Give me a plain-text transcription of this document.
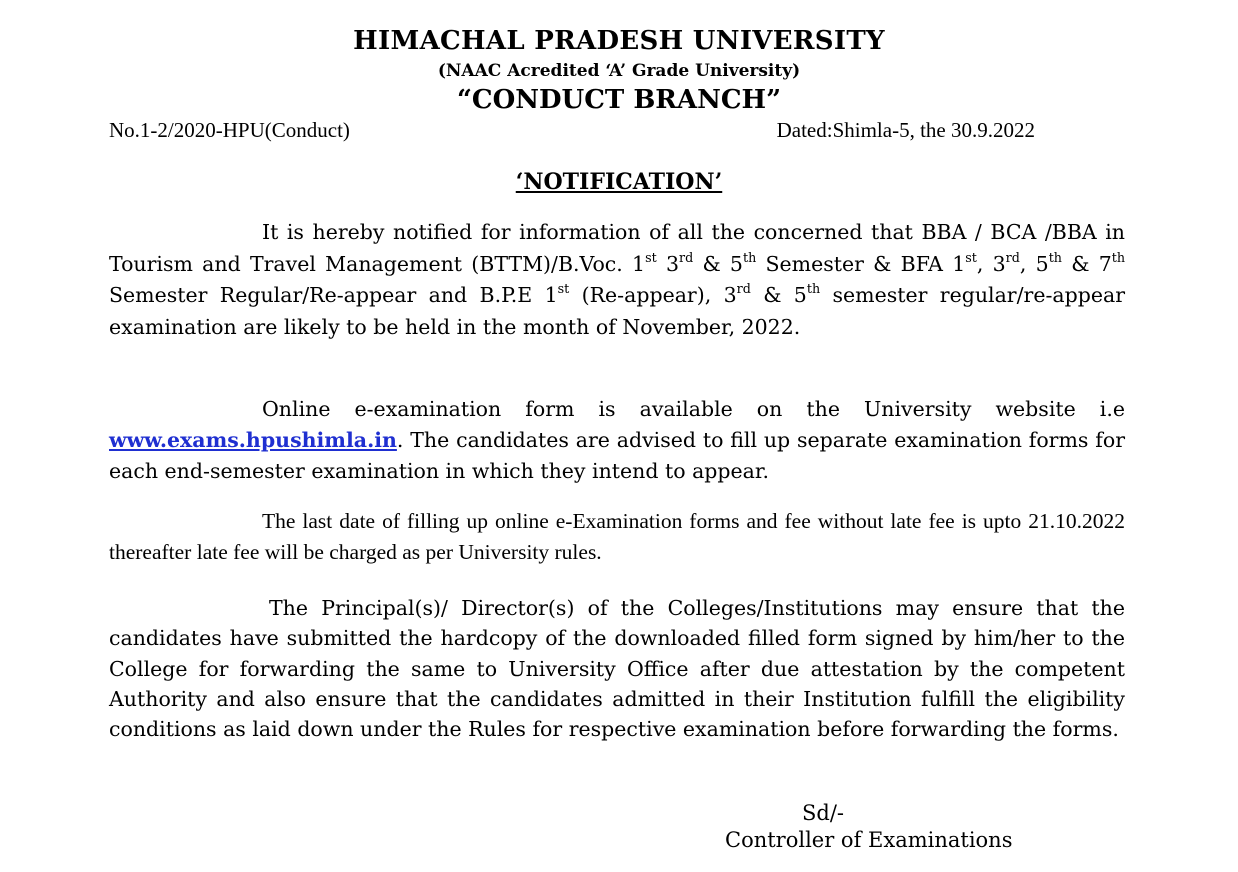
HIMACHAL PRADESH UNIVERSITY
(NAAC Acredited ‘A’ Grade University)
“CONDUCT BRANCH”
No.1-2/2020-HPU(Conduct)	Dated:Shimla-5, the 30.9.2022
‘NOTIFICATION’

It is hereby notified for information of all the concerned that BBA / BCA /BBA in Tourism and Travel Management (BTTM)/B.Voc. 1st 3rd & 5th Semester & BFA 1st, 3rd, 5th & 7th Semester Regular/Re-appear and B.P.E 1st (Re-appear), 3rd & 5th semester regular/re-appear examination are likely to be held in the month of November, 2022.

Online e-examination form is available on the University website i.e www.exams.hpushimla.in. The candidates are advised to fill up separate examination forms for each end-semester examination in which they intend to appear.

The last date of filling up online e-Examination forms and fee without late fee is upto 21.10.2022 thereafter late fee will be charged as per University rules.

The Principal(s)/ Director(s) of the Colleges/Institutions may ensure that the candidates have submitted the hardcopy of the downloaded filled form signed by him/her to the College for forwarding the same to University Office after due attestation by the competent Authority and also ensure that the candidates admitted in their Institution fulfill the eligibility conditions as laid down under the Rules for respective examination before forwarding the forms.

Sd/-
Controller of Examinations
